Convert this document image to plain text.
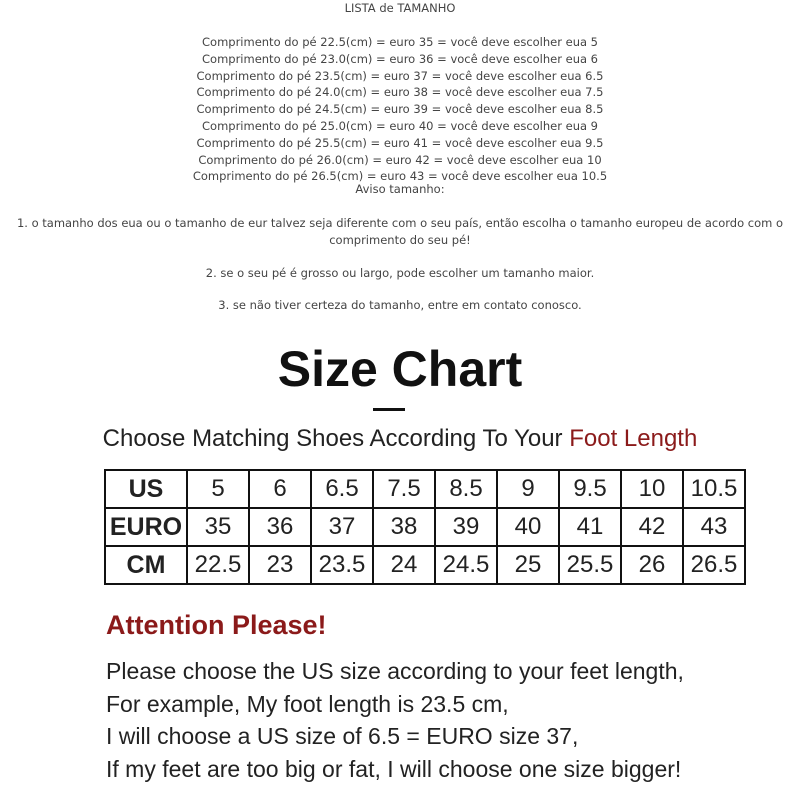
LISTA de TAMANHO
Comprimento do pé 22.5(cm) = euro 35 = você deve escolher eua 5
Comprimento do pé 23.0(cm) = euro 36 = você deve escolher eua 6
Comprimento do pé 23.5(cm) = euro 37 = você deve escolher eua 6.5
Comprimento do pé 24.0(cm) = euro 38 = você deve escolher eua 7.5
Comprimento do pé 24.5(cm) = euro 39 = você deve escolher eua 8.5
Comprimento do pé 25.0(cm) = euro 40 = você deve escolher eua 9
Comprimento do pé 25.5(cm) = euro 41 = você deve escolher eua 9.5
Comprimento do pé 26.0(cm) = euro 42 = você deve escolher eua 10
Comprimento do pé 26.5(cm) = euro 43 = você deve escolher eua 10.5
Aviso tamanho:
1. o tamanho dos eua ou o tamanho de eur talvez seja diferente com o seu país, então escolha o tamanho europeu de acordo com o comprimento do seu pé!
2. se o seu pé é grosso ou largo, pode escolher um tamanho maior.
3. se não tiver certeza do tamanho, entre em contato conosco.
Size Chart
Choose Matching Shoes According To Your Foot Length
US	5	6	6.5	7.5	8.5	9	9.5	10	10.5
EURO	35	36	37	38	39	40	41	42	43
CM	22.5	23	23.5	24	24.5	25	25.5	26	26.5
Attention Please!
Please choose the US size according to your feet length,
For example, My foot length is 23.5 cm,
I will choose a US size of 6.5 = EURO size 37,
If my feet are too big or fat, I will choose one size bigger!
